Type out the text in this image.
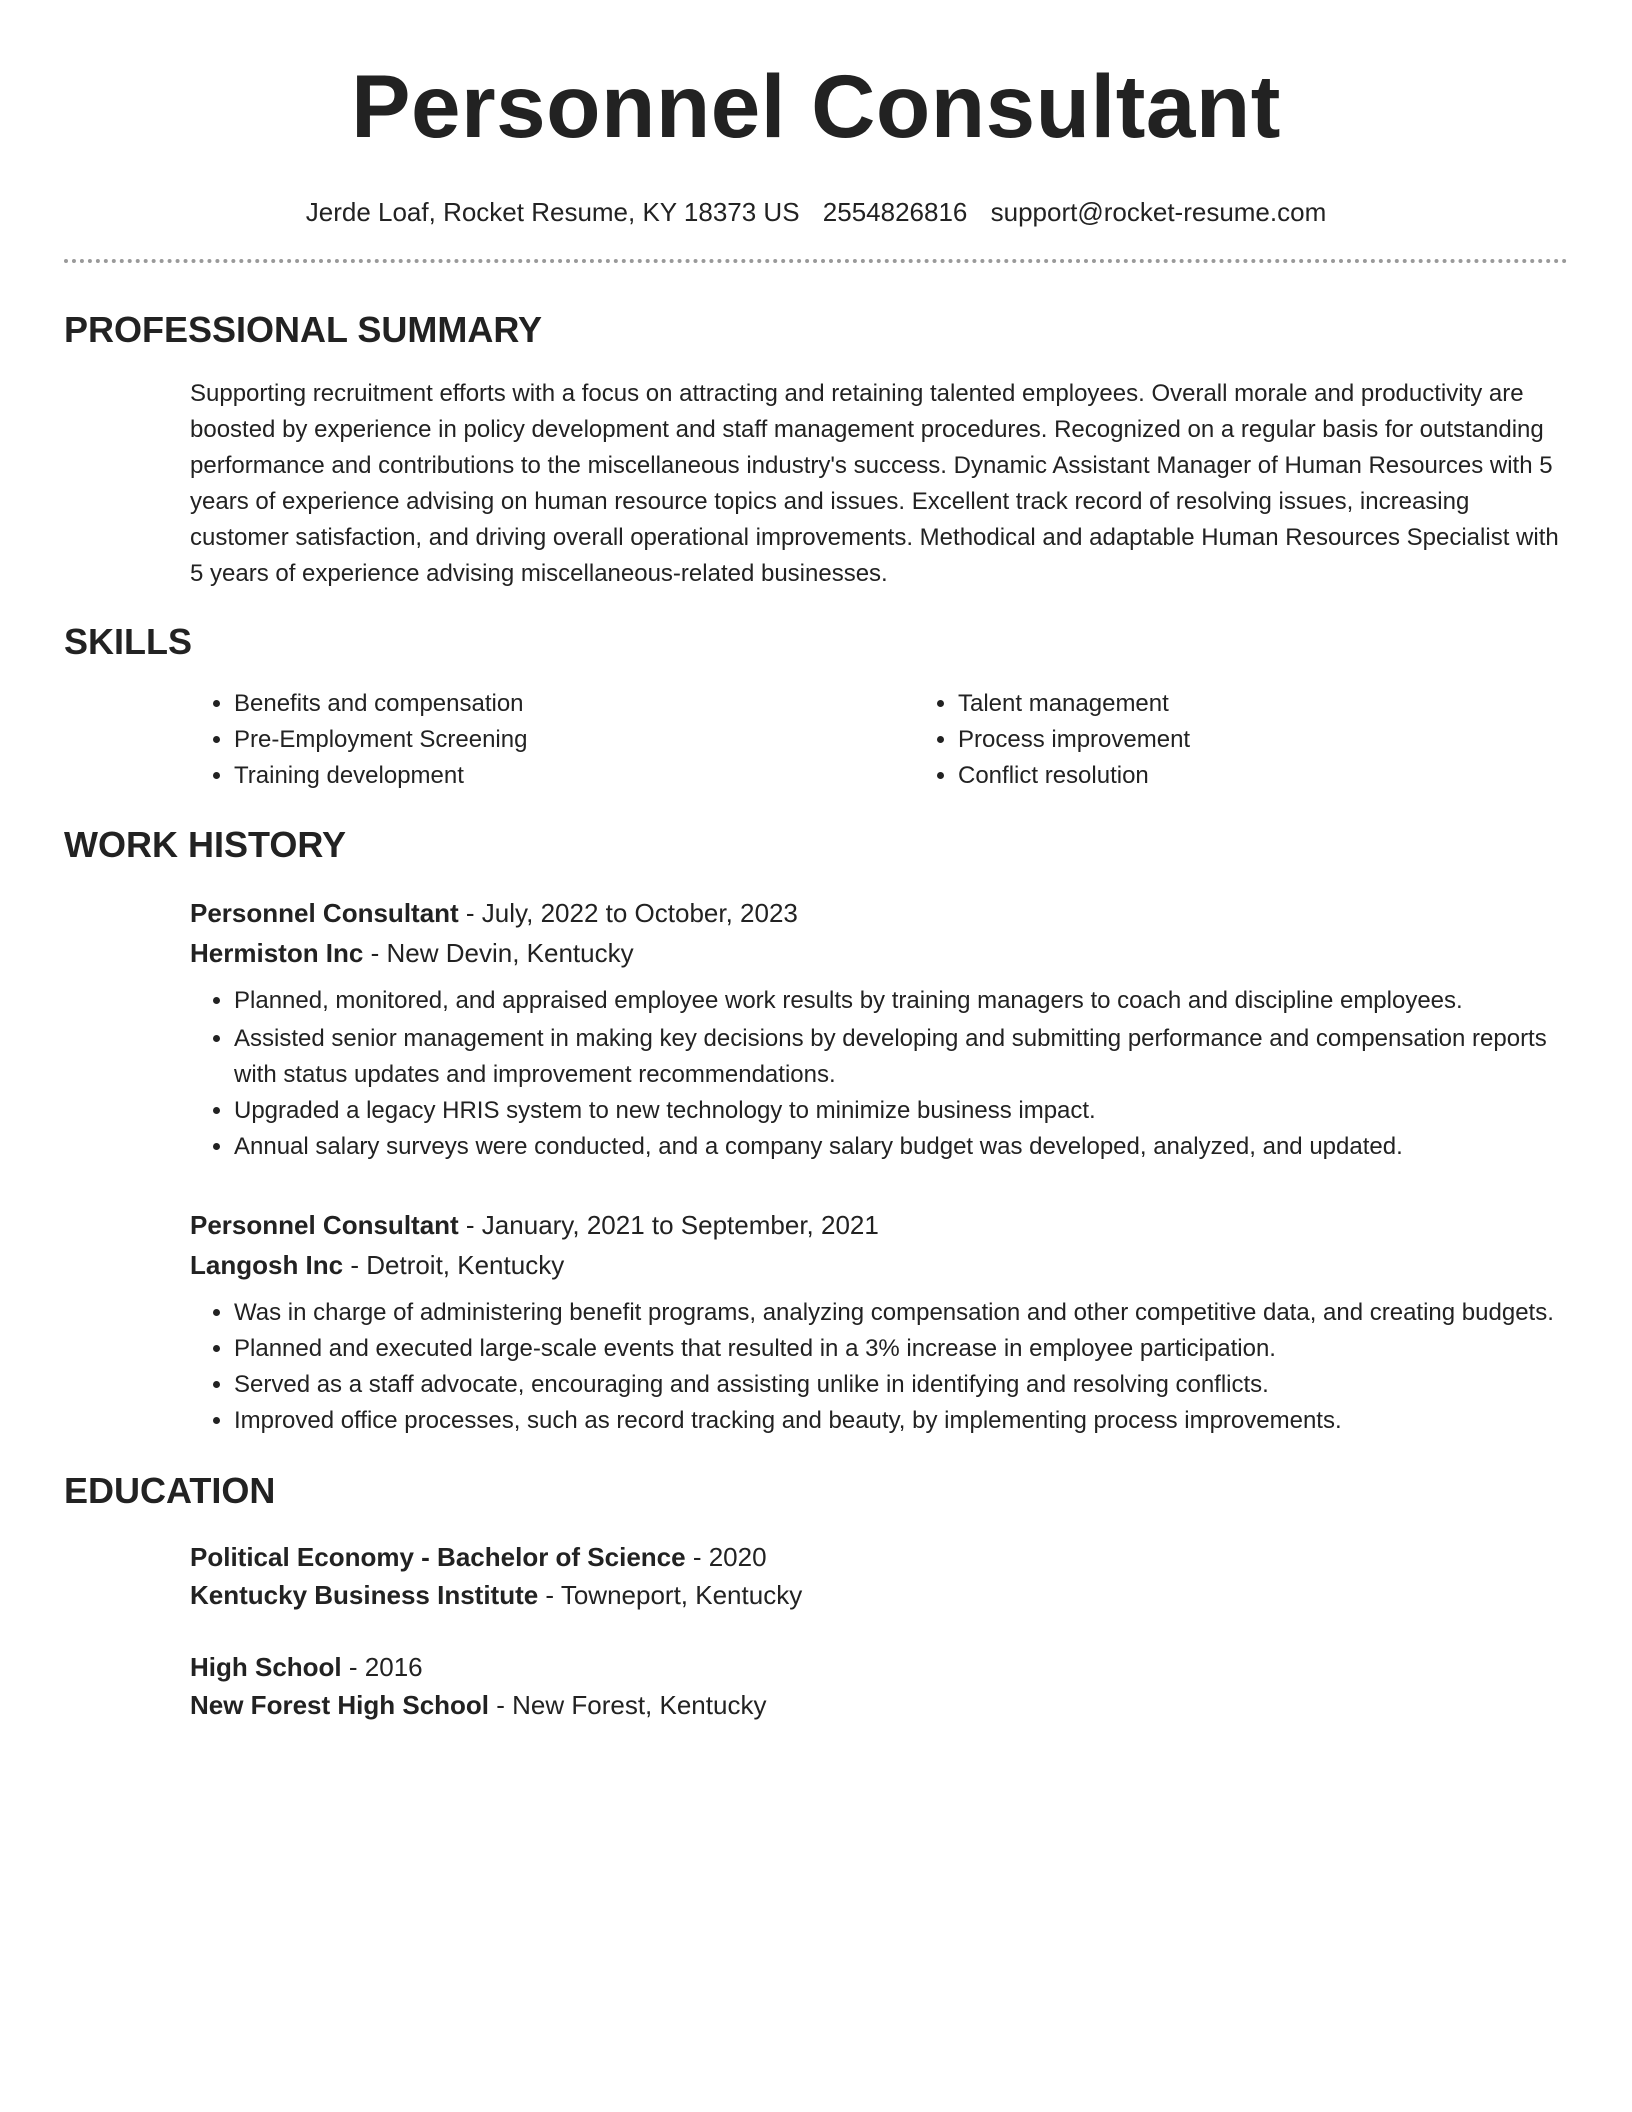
Personnel Consultant
Jerde Loaf, Rocket Resume, KY 18373 US 2554826816 support@rocket-resume.com
PROFESSIONAL SUMMARY

Supporting recruitment efforts with a focus on attracting and retaining talented employees. Overall morale and productivity are boosted by experience in policy development and staff management procedures. Recognized on a regular basis for outstanding performance and contributions to the miscellaneous industry's success. Dynamic Assistant Manager of Human Resources with 5 years of experience advising on human resource topics and issues. Excellent track record of resolving issues, increasing customer satisfaction, and driving overall operational improvements. Methodical and adaptable Human Resources Specialist with 5 years of experience advising miscellaneous-related businesses.

SKILLS
• Benefits and compensation
• Pre-Employment Screening
• Training development
• Talent management
• Process improvement
• Conflict resolution
WORK HISTORY
Personnel Consultant - July, 2022 to October, 2023
Hermiston Inc - New Devin, Kentucky
• Planned, monitored, and appraised employee work results by training managers to coach and discipline employees.
• Assisted senior management in making key decisions by developing and submitting performance and compensation reports with status updates and improvement recommendations.
• Upgraded a legacy HRIS system to new technology to minimize business impact.
• Annual salary surveys were conducted, and a company salary budget was developed, analyzed, and updated.
Personnel Consultant - January, 2021 to September, 2021
Langosh Inc - Detroit, Kentucky
• Was in charge of administering benefit programs, analyzing compensation and other competitive data, and creating budgets.
• Planned and executed large-scale events that resulted in a 3% increase in employee participation.
• Served as a staff advocate, encouraging and assisting unlike in identifying and resolving conflicts.
• Improved office processes, such as record tracking and beauty, by implementing process improvements.
EDUCATION
Political Economy - Bachelor of Science - 2020
Kentucky Business Institute - Towneport, Kentucky
High School - 2016
New Forest High School - New Forest, Kentucky
